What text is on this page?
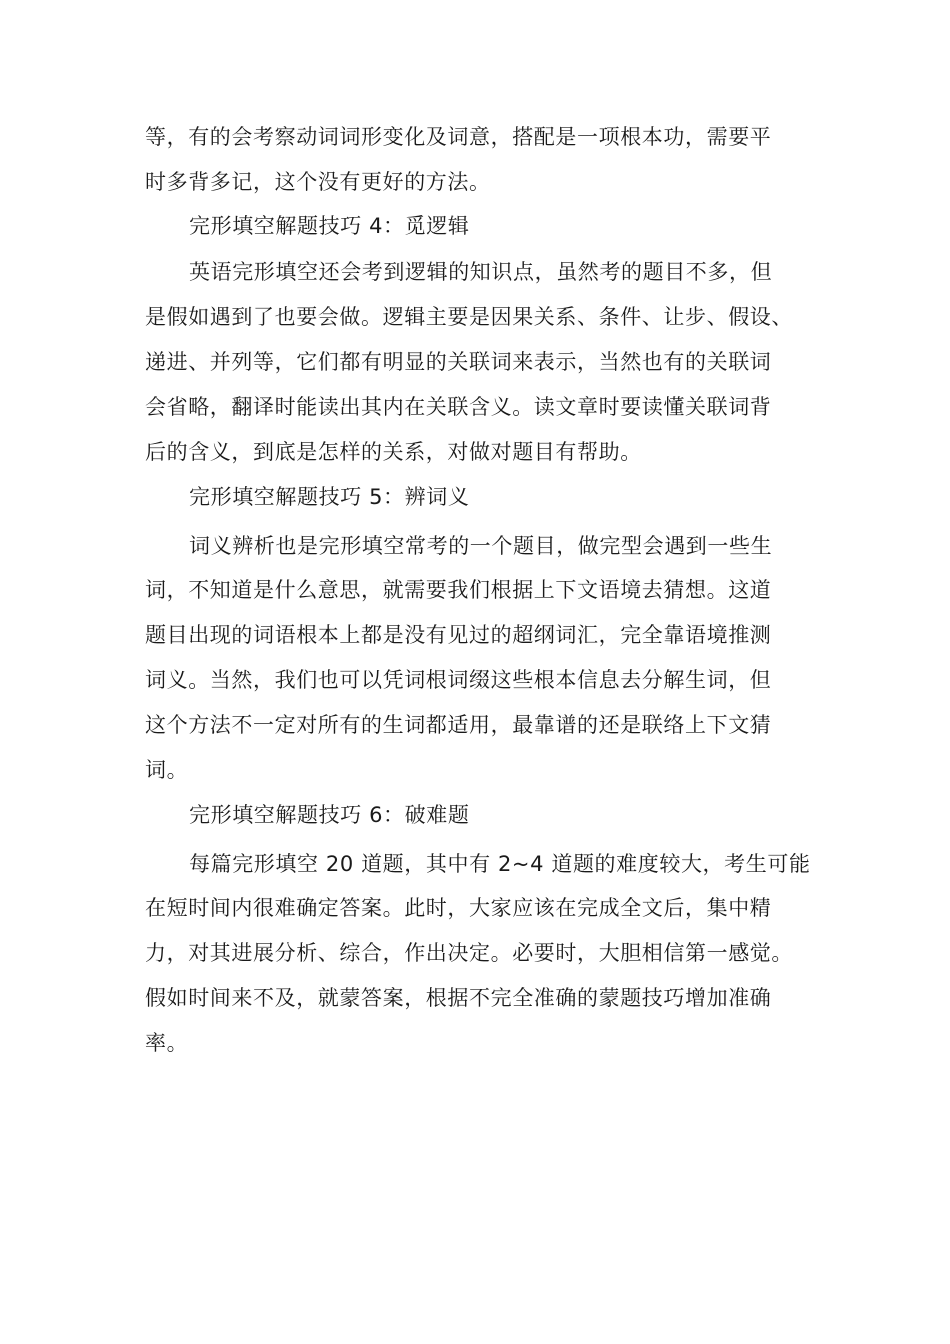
等，有的会考察动词词形变化及词意，搭配是一项根本功，需要平
时多背多记，这个没有更好的方法。
完形填空解题技巧 4：觅逻辑
英语完形填空还会考到逻辑的知识点，虽然考的题目不多，但
是假如遇到了也要会做。逻辑主要是因果关系、条件、让步、假设、
递进、并列等，它们都有明显的关联词来表示，当然也有的关联词
会省略，翻译时能读出其内在关联含义。读文章时要读懂关联词背
后的含义，到底是怎样的关系，对做对题目有帮助。
完形填空解题技巧 5：辨词义
词义辨析也是完形填空常考的一个题目，做完型会遇到一些生
词，不知道是什么意思，就需要我们根据上下文语境去猜想。这道
题目出现的词语根本上都是没有见过的超纲词汇，完全靠语境推测
词义。当然，我们也可以凭词根词缀这些根本信息去分解生词，但
这个方法不一定对所有的生词都适用，最靠谱的还是联络上下文猜
词。
完形填空解题技巧 6：破难题
每篇完形填空 20 道题，其中有 2~4 道题的难度较大，考生可能
在短时间内很难确定答案。此时，大家应该在完成全文后，集中精
力，对其进展分析、综合，作出决定。必要时，大胆相信第一感觉。
假如时间来不及，就蒙答案，根据不完全准确的蒙题技巧增加准确
率。
